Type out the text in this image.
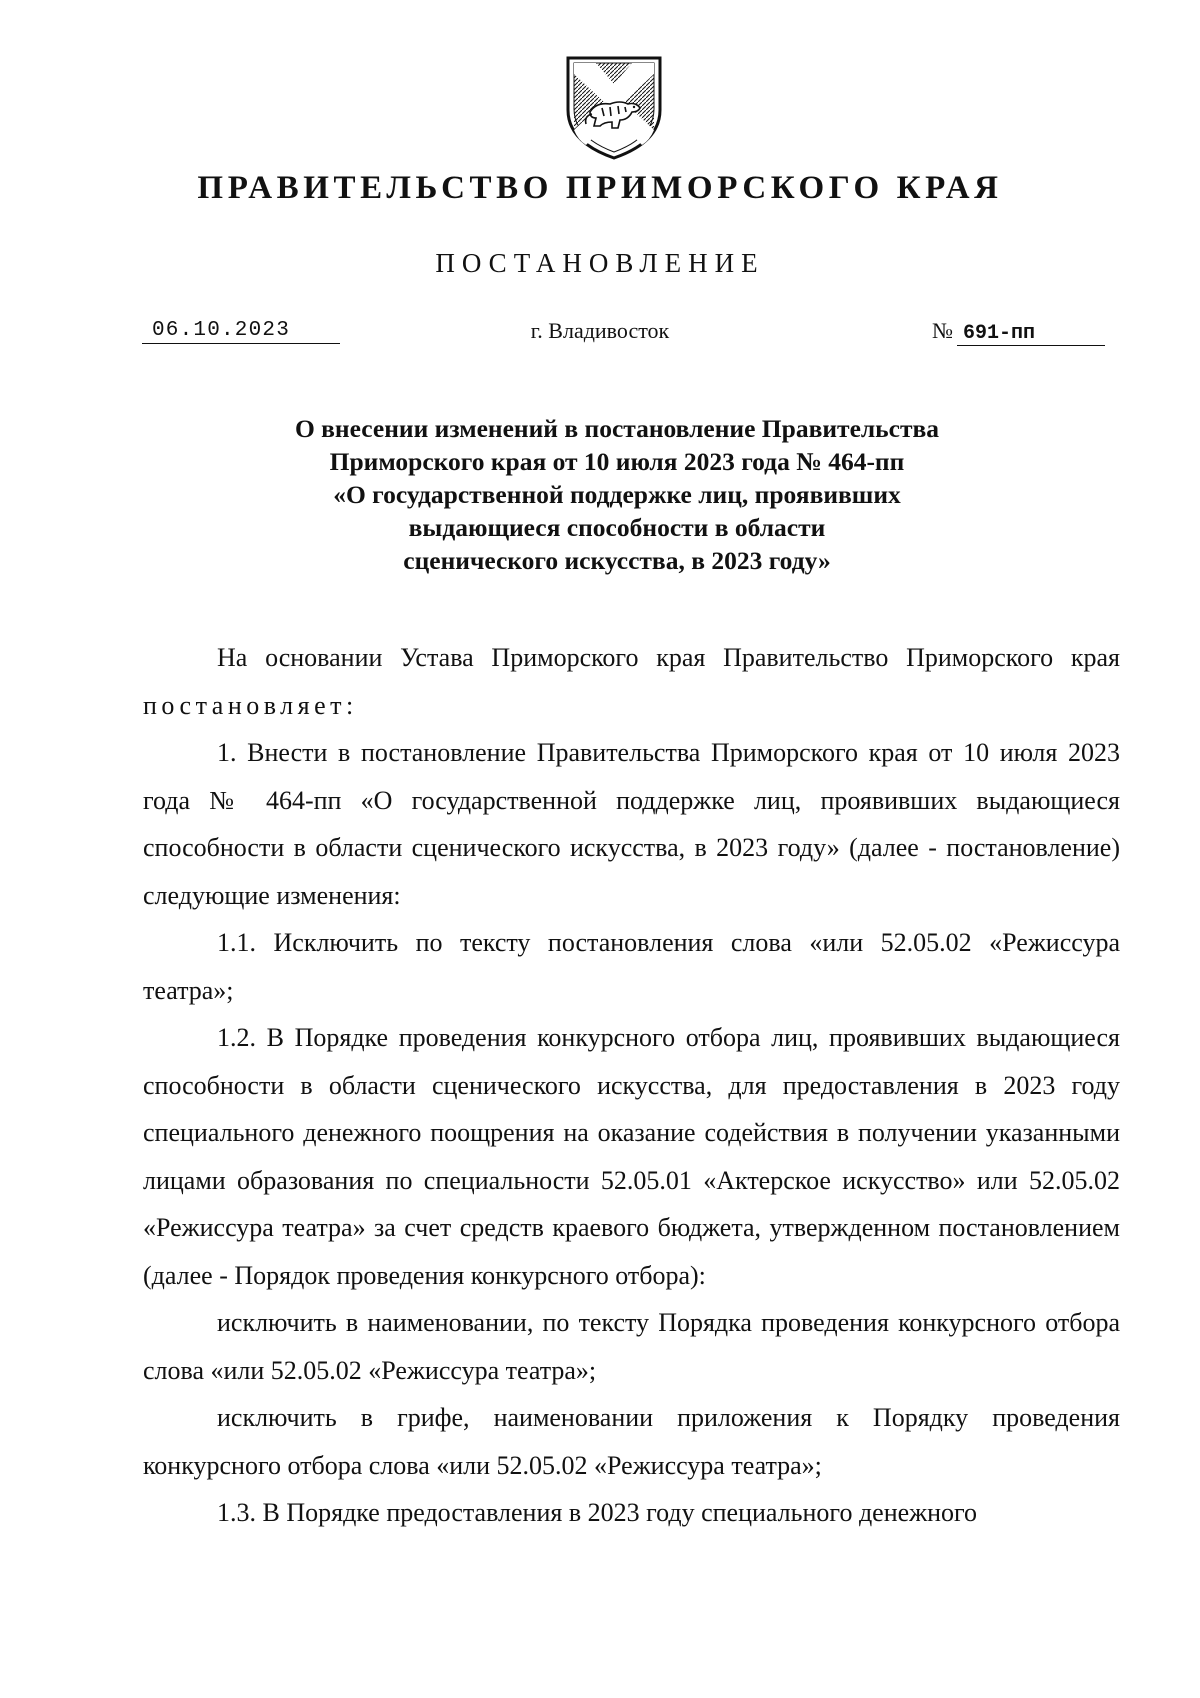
ПРАВИТЕЛЬСТВО ПРИМОРСКОГО КРАЯ
ПОСТАНОВЛЕНИЕ
06.10.2023	г. Владивосток	№ 691-пп
О внесении изменений в постановление Правительства
Приморского края от 10 июля 2023 года № 464-пп
«О государственной поддержке лиц, проявивших
выдающиеся способности в области
сценического искусства, в 2023 году»

На основании Устава Приморского края Правительство Приморского края постановляет:

1. Внести в постановление Правительства Приморского края от 10 июля 2023 года № 464-пп «О государственной поддержке лиц, проявивших выдающиеся способности в области сценического искусства, в 2023 году» (далее - постановление) следующие изменения:

1.1. Исключить по тексту постановления слова «или 52.05.02 «Режиссура театра»;

1.2. В Порядке проведения конкурсного отбора лиц, проявивших выдающиеся способности в области сценического искусства, для предоставления в 2023 году специального денежного поощрения на оказание содействия в получении указанными лицами образования по специальности 52.05.01 «Актерское искусство» или 52.05.02 «Режиссура театра» за счет средств краевого бюджета, утвержденном постановлением (далее - Порядок проведения конкурсного отбора):

исключить в наименовании, по тексту Порядка проведения конкурсного отбора слова «или 52.05.02 «Режиссура театра»;

исключить в грифе, наименовании приложения к Порядку проведения конкурсного отбора слова «или 52.05.02 «Режиссура театра»;

1.3. В Порядке предоставления в 2023 году специального денежного
